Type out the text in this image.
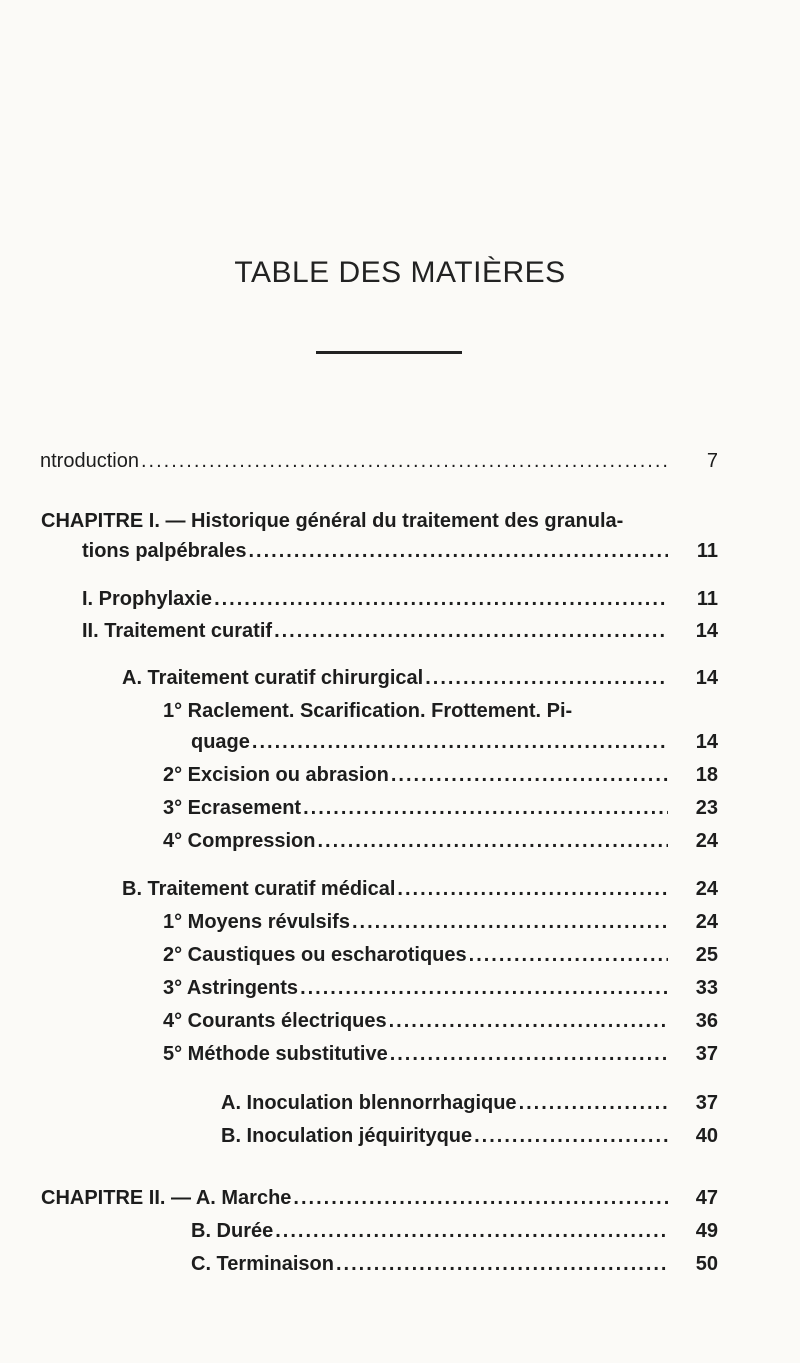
TABLE DES MATIÈRES
ntroduction .....	7
CHAPITRE I. — Historique général du traitement des granula-
tions palpébrales .....	11
I. Prophylaxie .....	11
II. Traitement curatif .....	14
A. Traitement curatif chirurgical .....	14
1° Raclement. Scarification. Frottement. Pi-
quage .....	14
2° Excision ou abrasion .....	18
3° Ecrasement .....	23
4° Compression .....	24
B. Traitement curatif médical .....	24
1° Moyens révulsifs .....	24
2° Caustiques ou escharotiques .....	25
3° Astringents .....	33
4° Courants électriques .....	36
5° Méthode substitutive .....	37
A. Inoculation blennorrhagique .....	37
B. Inoculation jéquirityque .....	40
CHAPITRE II. — A. Marche .....	47
B. Durée .....	49
C. Terminaison .....	50
